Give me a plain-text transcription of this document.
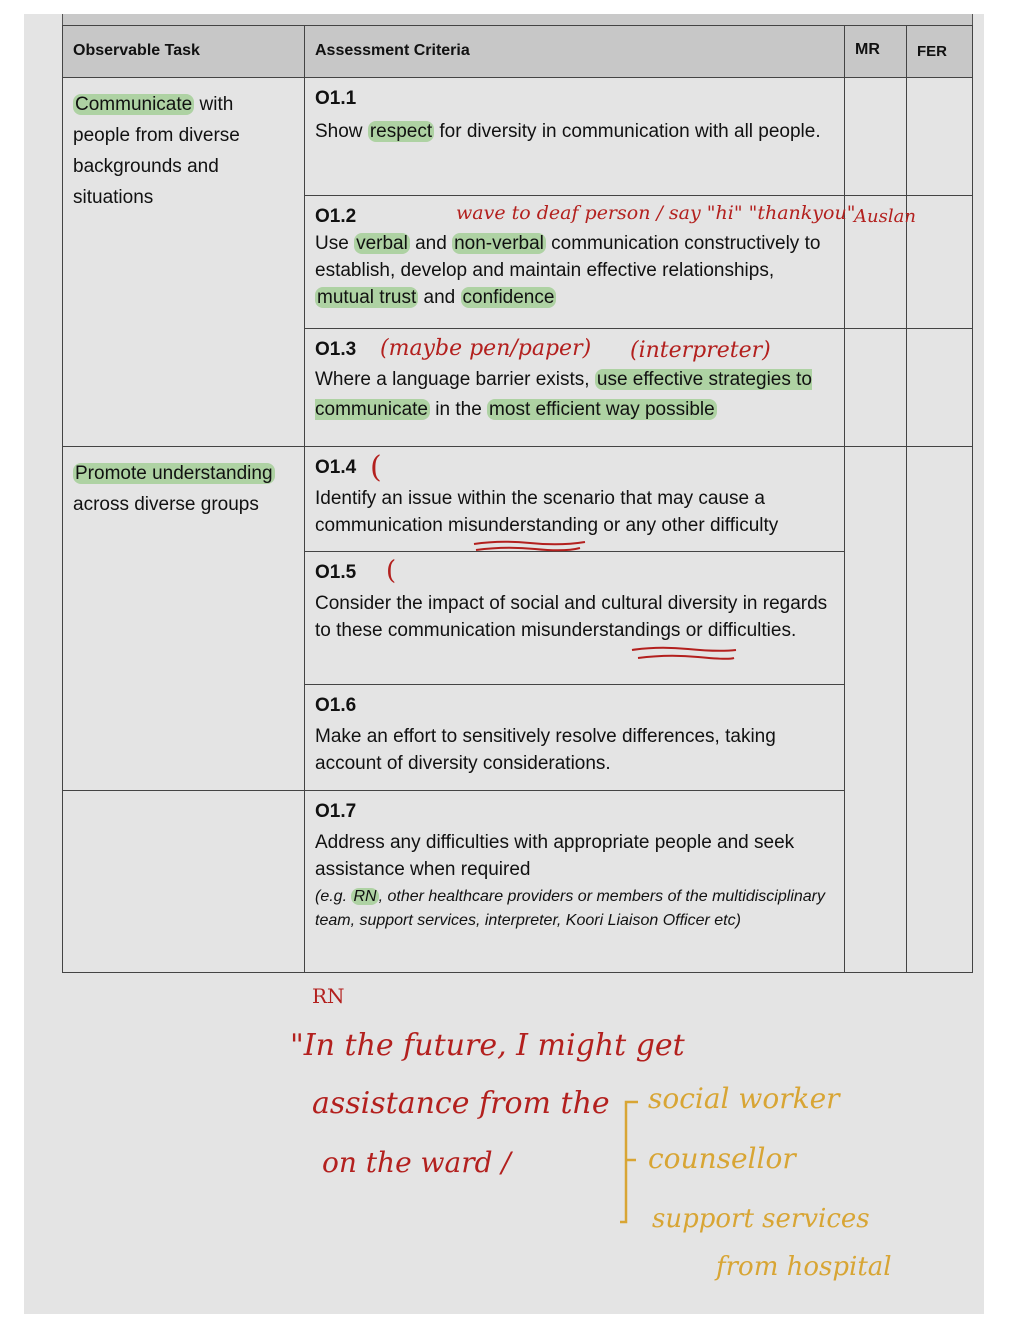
Observable Task	Assessment Criteria	MR FER
Communicate with people from diverse backgrounds and situations
Promote understanding across diverse groups
O1.1
Show respect for diversity in communication with all people.
O1.2
Use verbal and non-verbal communication constructively to establish, develop and maintain effective relationships, mutual trust and confidence
O1.3
Where a language barrier exists, use effective strategies to communicate in the most efficient way possible
O1.4
Identify an issue within the scenario that may cause a communication misunderstanding or any other difficulty
O1.5
Consider the impact of social and cultural diversity in regards to these communication misunderstandings or difficulties.
O1.6
Make an effort to sensitively resolve differences, taking account of diversity considerations.
O1.7
Address any difficulties with appropriate people and seek assistance when required
(e.g. RN , other healthcare providers or members of the multidisciplinary team, support services, interpreter, Koori Liaison Officer etc)
wave to deaf person / say "hi" "thankyou"
Auslan
(maybe pen/paper) (interpreter)
(
(
RN
"In the future, I might get
assistance from the
on the ward /
social worker
counsellor
support services
from hospital
